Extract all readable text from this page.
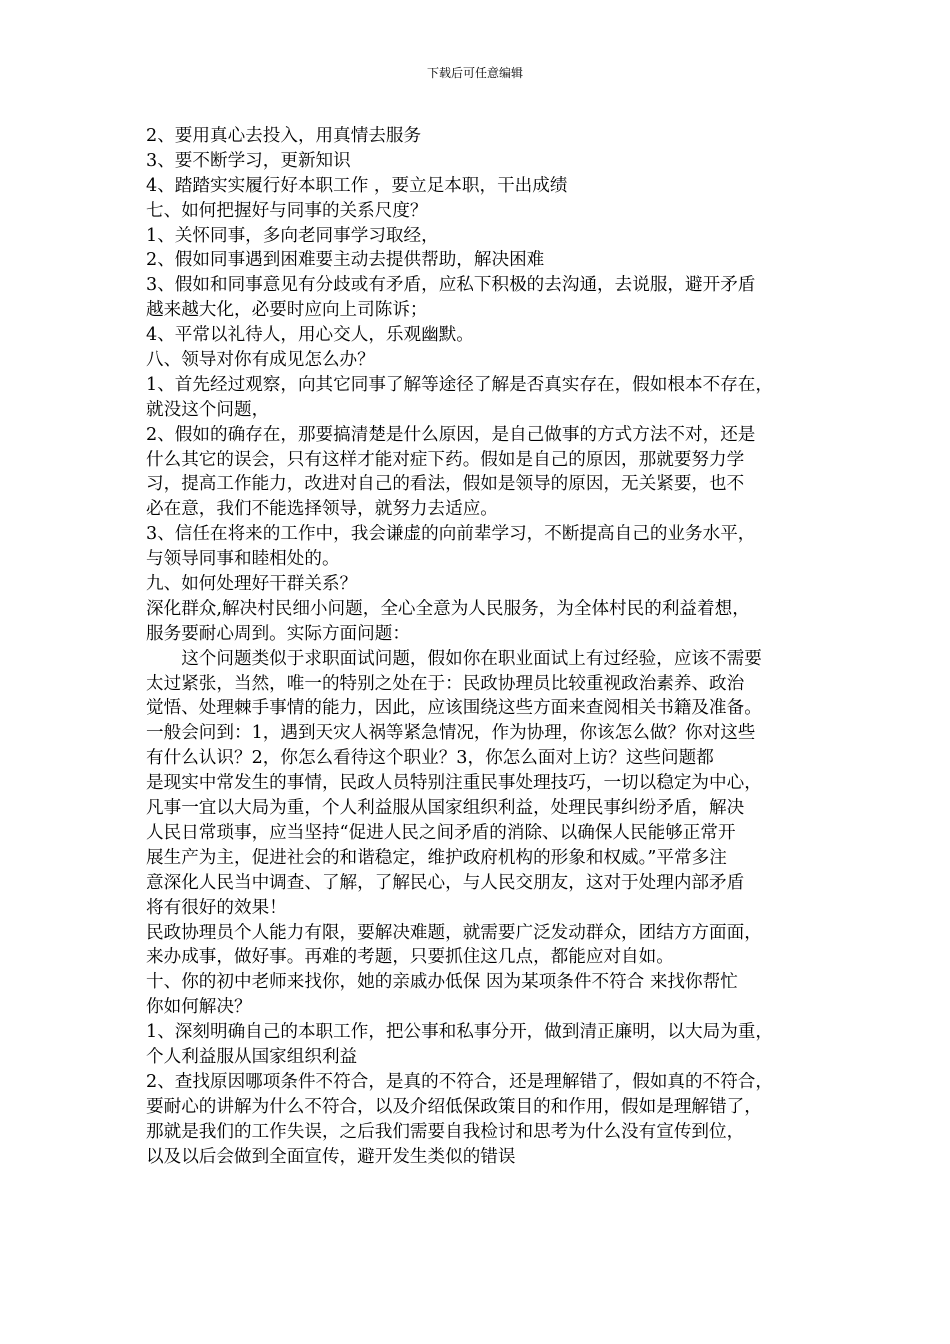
下载后可任意编辑
2、要用真心去投入，用真情去服务
3、要不断学习，更新知识
4、踏踏实实履行好本职工作 ，要立足本职，干出成绩
七、如何把握好与同事的关系尺度？
1、关怀同事，多向老同事学习取经，
2、假如同事遇到困难要主动去提供帮助，解决困难
3、假如和同事意见有分歧或有矛盾，应私下积极的去沟通，去说服，避开矛盾
越来越大化，必要时应向上司陈诉；
4、平常以礼待人，用心交人，乐观幽默。
八、领导对你有成见怎么办？
1、首先经过观察，向其它同事了解等途径了解是否真实存在，假如根本不存在，
就没这个问题，
2、假如的确存在，那要搞清楚是什么原因，是自己做事的方式方法不对，还是
什么其它的误会，只有这样才能对症下药。假如是自己的原因，那就要努力学
习，提高工作能力，改进对自己的看法，假如是领导的原因，无关紧要，也不
必在意，我们不能选择领导，就努力去适应。
3、信任在将来的工作中，我会谦虚的向前辈学习，不断提高自己的业务水平，
与领导同事和睦相处的。
九、如何处理好干群关系？
深化群众,解决村民细小问题，全心全意为人民服务，为全体村民的利益着想，
服务要耐心周到。实际方面问题：
　　这个问题类似于求职面试问题，假如你在职业面试上有过经验，应该不需要
太过紧张，当然，唯一的特别之处在于：民政协理员比较重视政治素养、政治
觉悟、处理棘手事情的能力，因此，应该围绕这些方面来查阅相关书籍及准备。
一般会问到：1，遇到天灾人祸等紧急情况，作为协理，你该怎么做？你对这些
有什么认识？2，你怎么看待这个职业？3，你怎么面对上访？这些问题都
是现实中常发生的事情，民政人员特别注重民事处理技巧，一切以稳定为中心，
凡事一宜以大局为重，个人利益服从国家组织利益，处理民事纠纷矛盾，解决
人民日常琐事，应当坚持“促进人民之间矛盾的消除、以确保人民能够正常开
展生产为主，促进社会的和谐稳定，维护政府机构的形象和权威。”平常多注
意深化人民当中调查、了解，了解民心，与人民交朋友，这对于处理内部矛盾
将有很好的效果！
民政协理员个人能力有限，要解决难题，就需要广泛发动群众，团结方方面面，
来办成事，做好事。再难的考题，只要抓住这几点，都能应对自如。
十、你的初中老师来找你，她的亲戚办低保 因为某项条件不符合 来找你帮忙
你如何解决？
1、深刻明确自己的本职工作，把公事和私事分开，做到清正廉明，以大局为重，
个人利益服从国家组织利益
2、查找原因哪项条件不符合，是真的不符合，还是理解错了，假如真的不符合，
要耐心的讲解为什么不符合，以及介绍低保政策目的和作用，假如是理解错了，
那就是我们的工作失误，之后我们需要自我检讨和思考为什么没有宣传到位，
以及以后会做到全面宣传，避开发生类似的错误
